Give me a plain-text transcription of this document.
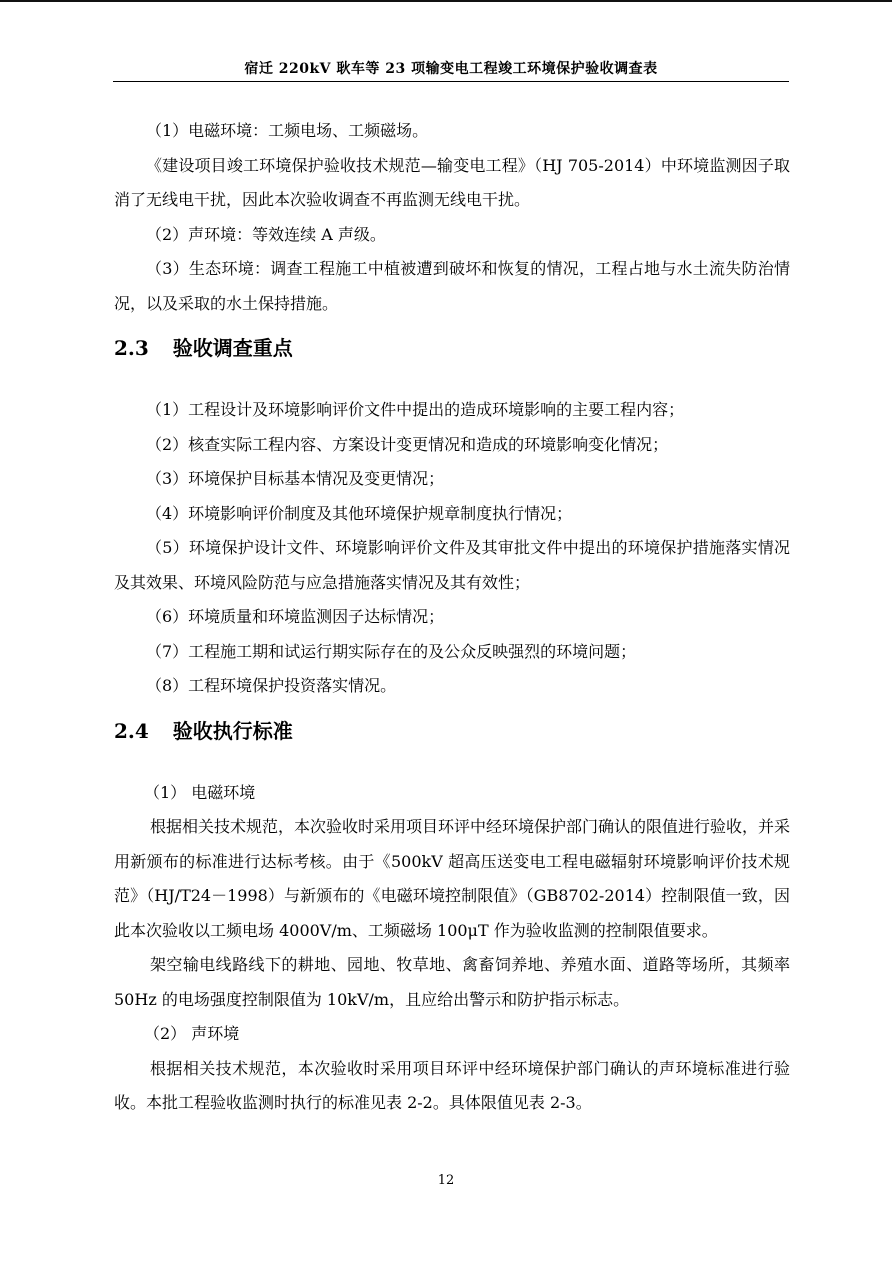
宿迁 220kV 耿车等 23 项输变电工程竣工环境保护验收调查表

（1）电磁环境：工频电场、工频磁场。

《建设项目竣工环境保护验收技术规范—输变电工程》（HJ 705-2014）中环境监测因子取消了无线电干扰，因此本次验收调查不再监测无线电干扰。

（2）声环境：等效连续 A 声级。

（3）生态环境：调查工程施工中植被遭到破坏和恢复的情况，工程占地与水土流失防治情况，以及采取的水土保持措施。

2.3 验收调查重点

（1）工程设计及环境影响评价文件中提出的造成环境影响的主要工程内容；

（2）核查实际工程内容、方案设计变更情况和造成的环境影响变化情况；

（3）环境保护目标基本情况及变更情况；

（4）环境影响评价制度及其他环境保护规章制度执行情况；

（5）环境保护设计文件、环境影响评价文件及其审批文件中提出的环境保护措施落实情况及其效果、环境风险防范与应急措施落实情况及其有效性；

（6）环境质量和环境监测因子达标情况；

（7）工程施工期和试运行期实际存在的及公众反映强烈的环境问题；

（8）工程环境保护投资落实情况。

2.4 验收执行标准

（1） 电磁环境

根据相关技术规范，本次验收时采用项目环评中经环境保护部门确认的限值进行验收，并采用新颁布的标准进行达标考核。由于《500kV 超高压送变电工程电磁辐射环境影响评价技术规范》（HJ/T24－1998）与新颁布的《电磁环境控制限值》（GB8702-2014）控制限值一致，因此本次验收以工频电场 4000V/m、工频磁场 100μT 作为验收监测的控制限值要求。

架空输电线路线下的耕地、园地、牧草地、禽畜饲养地、养殖水面、道路等场所，其频率 50Hz 的电场强度控制限值为 10kV/m，且应给出警示和防护指示标志。

（2） 声环境

根据相关技术规范，本次验收时采用项目环评中经环境保护部门确认的声环境标准进行验收。本批工程验收监测时执行的标准见表 2-2。具体限值见表 2-3。

12
